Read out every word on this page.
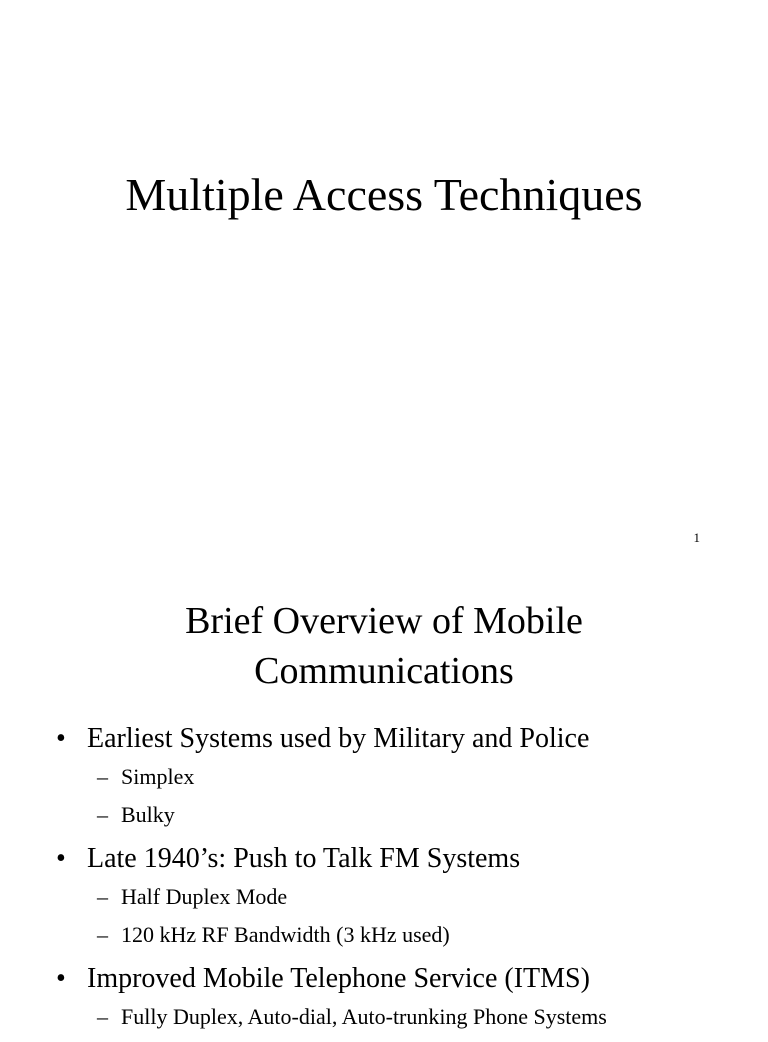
Multiple Access Techniques
1
Brief Overview of Mobile
Communications
• Earliest Systems used by Military and Police
– Simplex
– Bulky
• Late 1940’s: Push to Talk FM Systems
– Half Duplex Mode
– 120 kHz RF Bandwidth (3 kHz used)
• Improved Mobile Telephone Service (ITMS)
– Fully Duplex, Auto-dial, Auto-trunking Phone Systems
